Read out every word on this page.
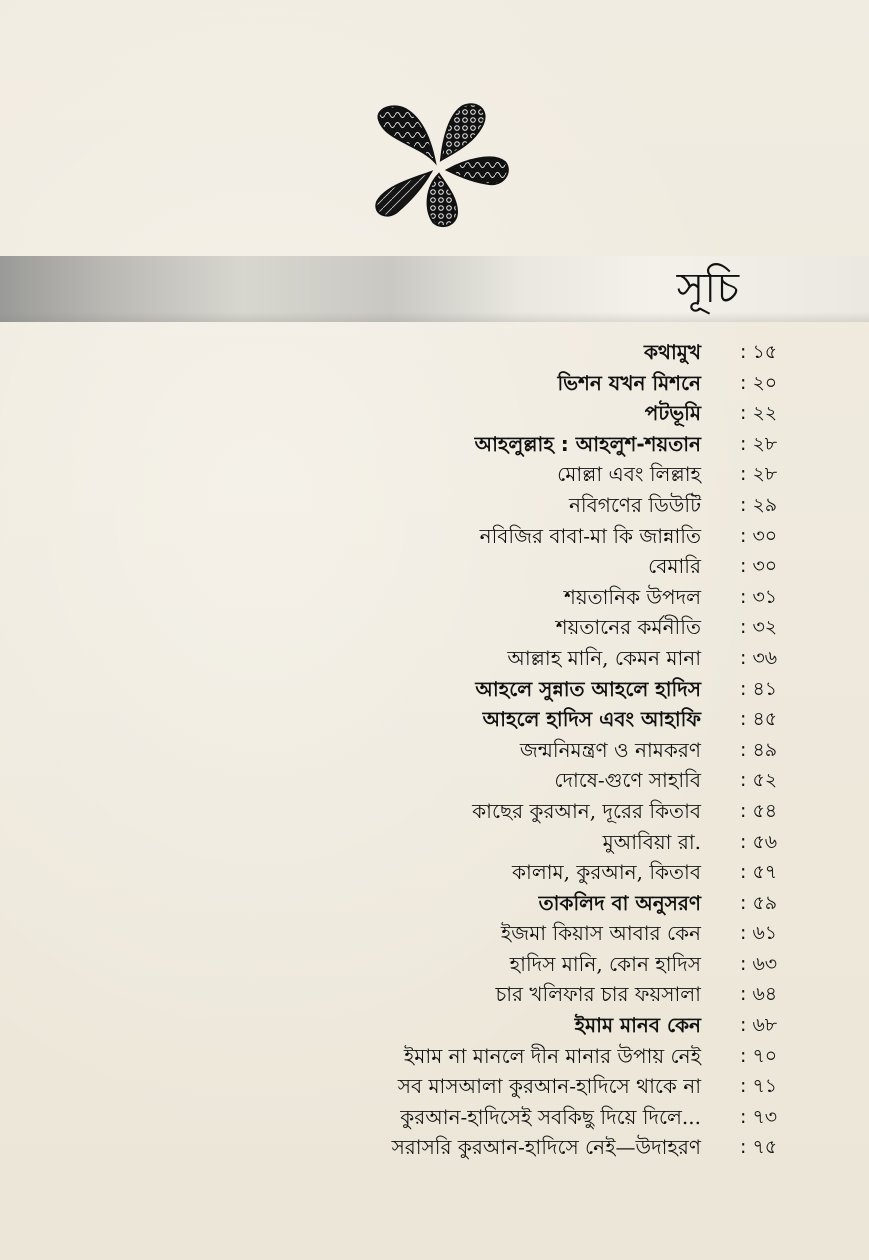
সূচি
কথামুখ : ১৫
ভিশন যখন মিশনে : ২০
পটভূমি : ২২
আহলুল্লাহ : আহলুশ-শয়তান : ২৮
মোল্লা এবং লিল্লাহ : ২৮
নবিগণের ডিউটি : ২৯
নবিজির বাবা-মা কি জান্নাতি : ৩০
বেমারি : ৩০
শয়তানিক উপদল : ৩১
শয়তানের কর্মনীতি : ৩২
আল্লাহ মানি, কেমন মানা : ৩৬
আহলে সুন্নাত আহলে হাদিস : ৪১
আহলে হাদিস এবং আহাফি : ৪৫
জন্মনিমন্ত্রণ ও নামকরণ : ৪৯
দোষে-গুণে সাহাবি : ৫২
কাছের কুরআন, দূরের কিতাব : ৫৪
মুআবিয়া রা. : ৫৬
কালাম, কুরআন, কিতাব : ৫৭
তাকলিদ বা অনুসরণ : ৫৯
ইজমা কিয়াস আবার কেন : ৬১
হাদিস মানি, কোন হাদিস : ৬৩
চার খলিফার চার ফয়সালা : ৬৪
ইমাম মানব কেন : ৬৮
ইমাম না মানলে দীন মানার উপায় নেই : ৭০
সব মাসআলা কুরআন-হাদিসে থাকে না : ৭১
কুরআন-হাদিসেই সবকিছু দিয়ে দিলে... : ৭৩
সরাসরি কুরআন-হাদিসে নেই—উদাহরণ : ৭৫
